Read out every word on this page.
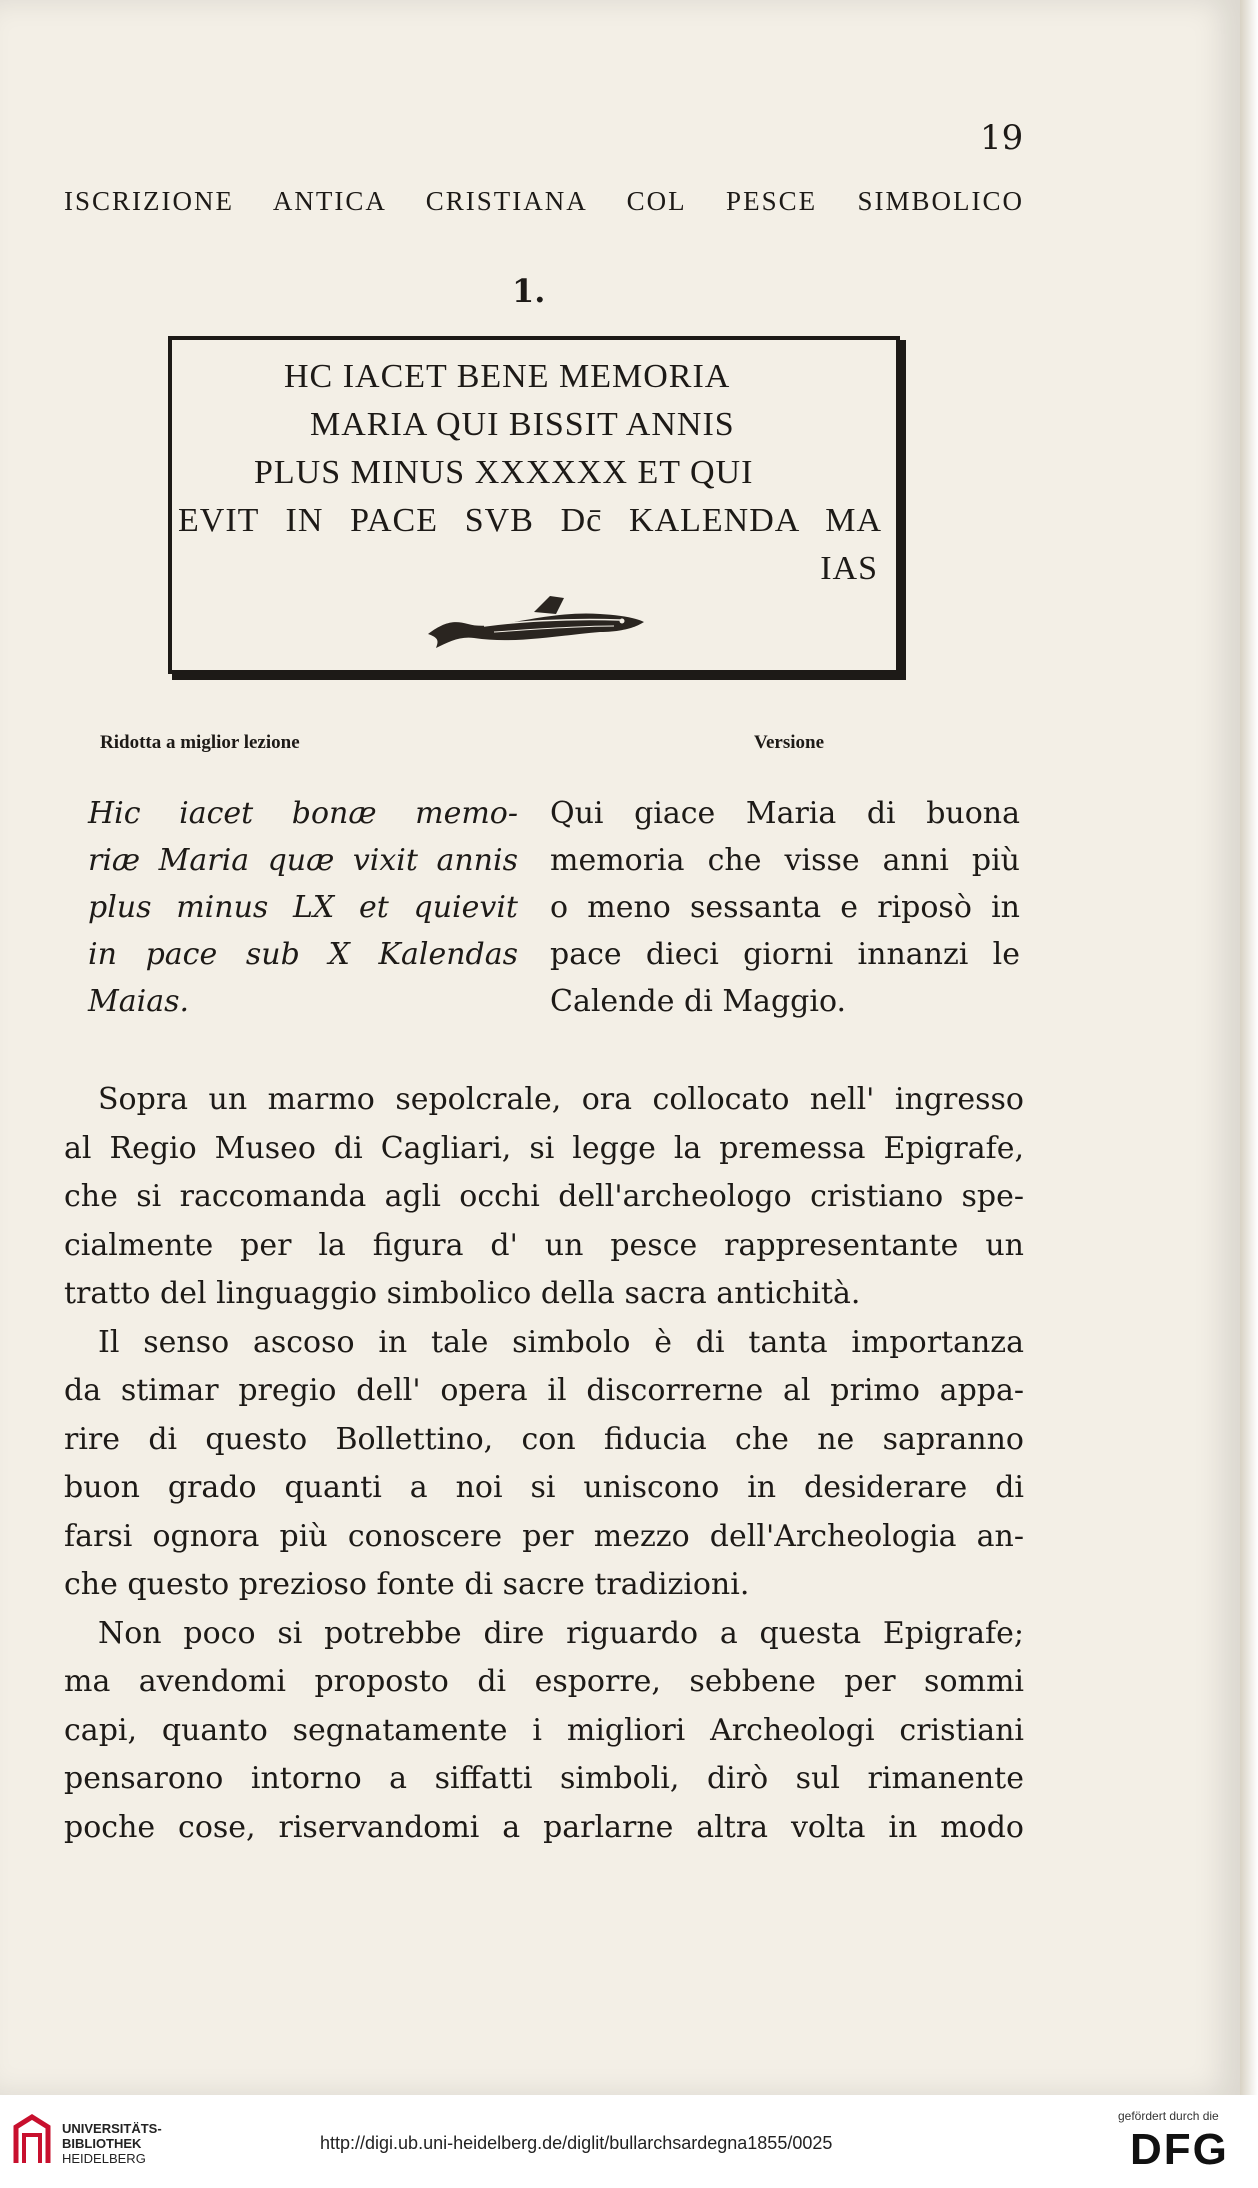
19
ISCRIZIONE ANTICA CRISTIANA COL PESCE SIMBOLICO
1.
HC IACET BENE MEMORIA
MARIA QUI BISSIT ANNIS
PLUS MINUS XXXXXX ET QUI
EVIT IN PACE SVB Dc̄ KALENDA MA
IAS
Ridotta a miglior lezione	Versione

Hic iacet bonæ memo-

riæ Maria quæ vixit annis

plus minus LX et quievit

in pace sub X Kalendas

Maias.

Qui giace Maria di buona

memoria che visse anni più

o meno sessanta e riposò in

pace dieci giorni innanzi le

Calende di Maggio.

Sopra un marmo sepolcrale, ora collocato nell' ingresso

al Regio Museo di Cagliari, si legge la premessa Epigrafe,

che si raccomanda agli occhi dell'archeologo cristiano spe-

cialmente per la figura d' un pesce rappresentante un

tratto del linguaggio simbolico della sacra antichità.

Il senso ascoso in tale simbolo è di tanta importanza

da stimar pregio dell' opera il discorrerne al primo appa-

rire di questo Bollettino, con fiducia che ne sapranno

buon grado quanti a noi si uniscono in desiderare di

farsi ognora più conoscere per mezzo dell'Archeologia an-

che questo prezioso fonte di sacre tradizioni.

Non poco si potrebbe dire riguardo a questa Epigrafe;

ma avendomi proposto di esporre, sebbene per sommi

capi, quanto segnatamente i migliori Archeologi cristiani

pensarono intorno a siffatti simboli, dirò sul rimanente

poche cose, riservandomi a parlarne altra volta in modo

UNIVERSITÄTS-
BIBLIOTHEK
HEIDELBERG
http://digi.ub.uni-heidelberg.de/diglit/bullarchsardegna1855/0025
gefördert durch die
DFG
